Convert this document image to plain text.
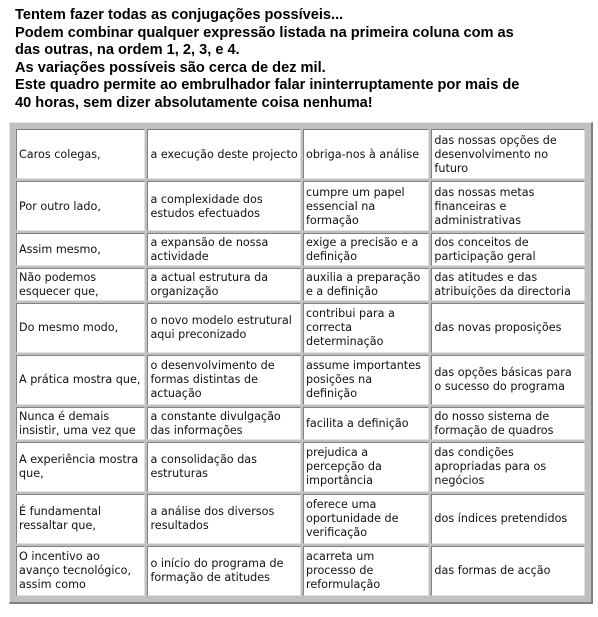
Tentem fazer todas as conjugações possíveis...

Podem combinar qualquer expressão listada na primeira coluna com as

das outras, na ordem 1, 2, 3, e 4.

As variações possíveis são cerca de dez mil.

Este quadro permite ao embrulhador falar ininterruptamente por mais de

40 horas, sem dizer absolutamente coisa nenhuma!

Caros colegas,	a execução deste projecto	obriga-nos à análise	das nossas opções de desenvolvimento no futuro
Por outro lado,	a complexidade dos estudos efectuados	cumpre um papel essencial na formação	das nossas metas financeiras e administrativas
Assim mesmo,	a expansão de nossa actividade	exige a precisão e a definição	dos conceitos de participação geral
Não podemos esquecer que,	a actual estrutura da organização	auxilia a preparação e a definição	das atitudes e das atribuições da directoria
Do mesmo modo,	o novo modelo estrutural aqui preconizado	contribui para a correcta determinação	das novas proposições
A prática mostra que,	o desenvolvimento de formas distintas de actuação	assume importantes posições na definição	das opções básicas para o sucesso do programa
Nunca é demais insistir, uma vez que	a constante divulgação das informações	facilita a definição	do nosso sistema de formação de quadros
A experiência mostra que,	a consolidação das estruturas	prejudica a percepção da importância	das condições apropriadas para os negócios
É fundamental ressaltar que,	a análise dos diversos resultados	oferece uma oportunidade de verificação	dos índices pretendidos
O incentivo ao avanço tecnológico, assim como	o início do programa de formação de atitudes	acarreta um processo de reformulação	das formas de acção
